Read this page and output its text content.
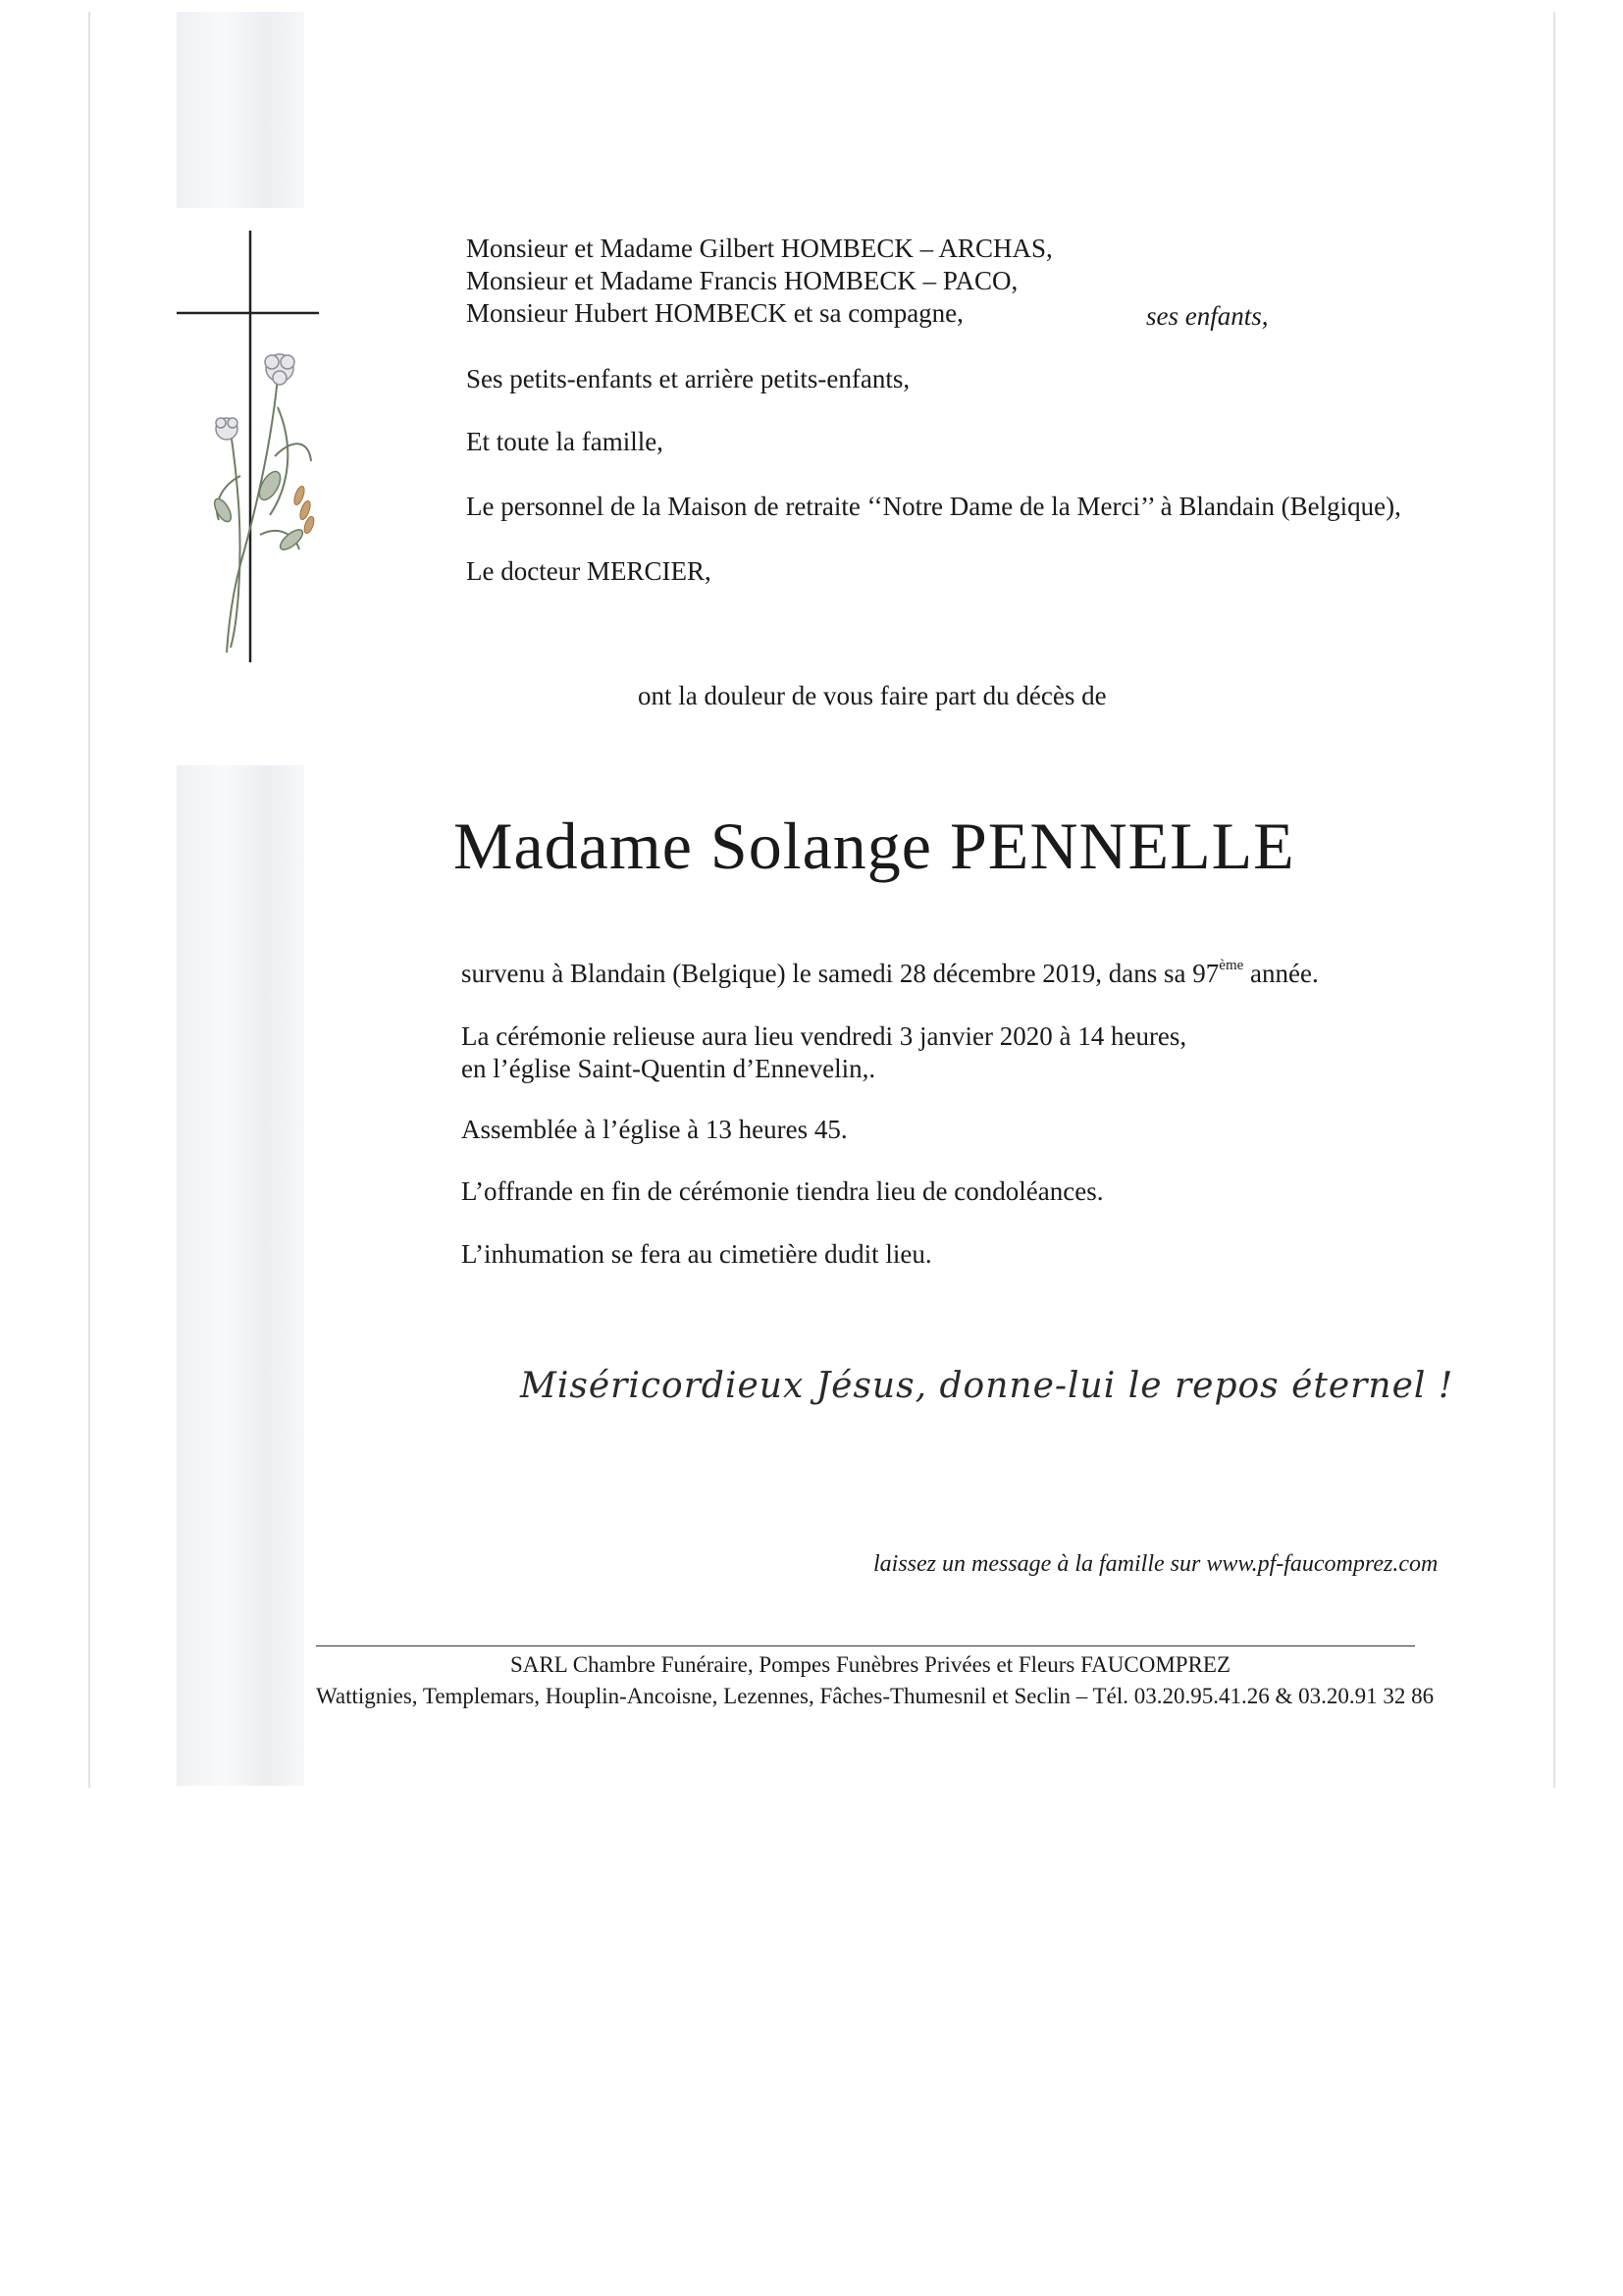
Monsieur et Madame Gilbert HOMBECK – ARCHAS,
Monsieur et Madame Francis HOMBECK – PACO,
Monsieur Hubert HOMBECK et sa compagne,	ses enfants,
Ses petits-enfants et arrière petits-enfants,
Et toute la famille,
Le personnel de la Maison de retraite ‘‘Notre Dame de la Merci’’ à Blandain (Belgique),
Le docteur MERCIER,
ont la douleur de vous faire part du décès de
Madame Solange PENNELLE
survenu à Blandain (Belgique) le samedi 28 décembre 2019, dans sa 97ème année.
La cérémonie relieuse aura lieu vendredi 3 janvier 2020 à 14 heures,
en l’église Saint-Quentin d’Ennevelin,.
Assemblée à l’église à 13 heures 45.
L’offrande en fin de cérémonie tiendra lieu de condoléances.
L’inhumation se fera au cimetière dudit lieu.
Miséricordieux Jésus, donne-lui le repos éternel !
laissez un message à la famille sur www.pf-faucomprez.com
SARL Chambre Funéraire, Pompes Funèbres Privées et Fleurs FAUCOMPREZ
Wattignies, Templemars, Houplin-Ancoisne, Lezennes, Fâches-Thumesnil et Seclin – Tél. 03.20.95.41.26 & 03.20.91 32 86
